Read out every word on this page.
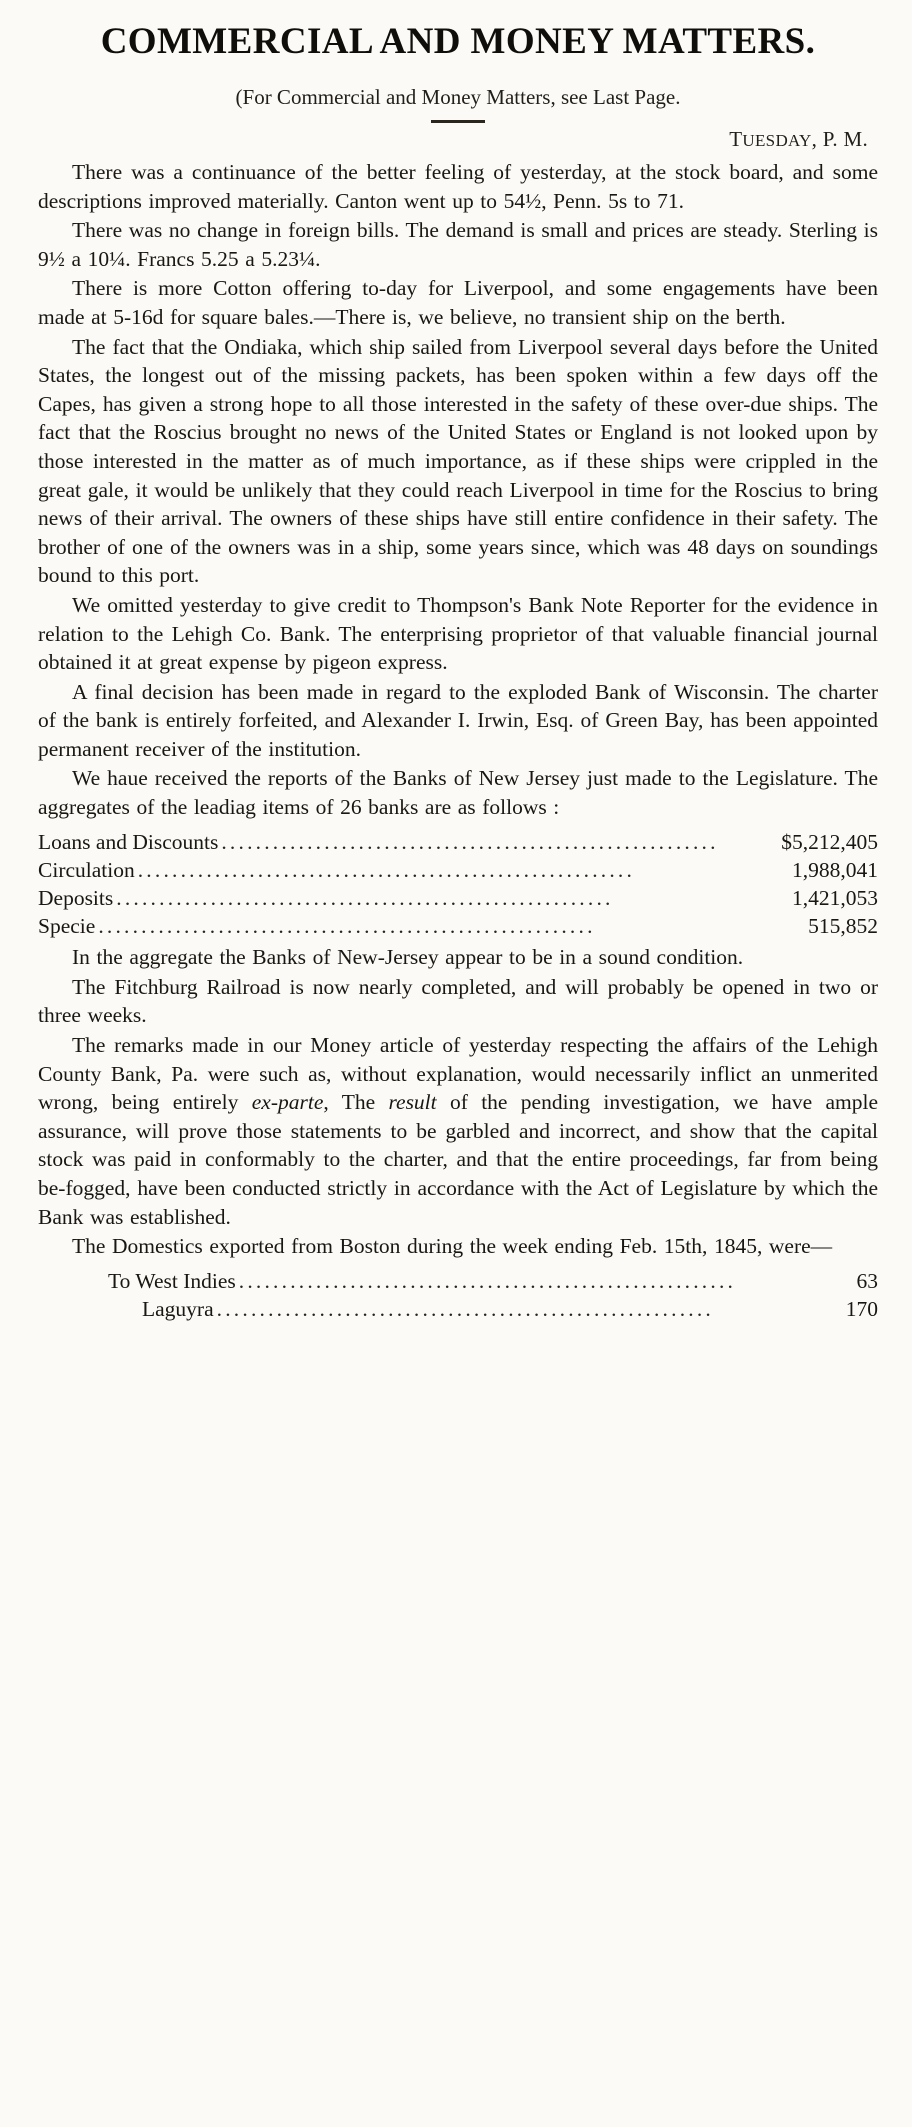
COMMERCIAL AND MONEY MATTERS.
(For Commercial and Money Matters, see Last Page.
TUESDAY, P. M.

There was a continuance of the better feeling of yesterday, at the stock board, and some descriptions improved materially. Canton went up to 54½, Penn. 5s to 71.

There was no change in foreign bills. The demand is small and prices are steady. Sterling is 9½ a 10¼. Francs 5.25 a 5.23¼.

There is more Cotton offering to-day for Liverpool, and some engagements have been made at 5-16d for square bales.—There is, we believe, no transient ship on the berth.

The fact that the Ondiaka, which ship sailed from Liverpool several days before the United States, the longest out of the missing packets, has been spoken within a few days off the Capes, has given a strong hope to all those interested in the safety of these over-due ships. The fact that the Roscius brought no news of the United States or England is not looked upon by those interested in the matter as of much importance, as if these ships were crippled in the great gale, it would be unlikely that they could reach Liverpool in time for the Roscius to bring news of their arrival. The owners of these ships have still entire confidence in their safety. The brother of one of the owners was in a ship, some years since, which was 48 days on soundings bound to this port.

We omitted yesterday to give credit to Thompson's Bank Note Reporter for the evidence in relation to the Lehigh Co. Bank. The enterprising proprietor of that valuable financial journal obtained it at great expense by pigeon express.

A final decision has been made in regard to the exploded Bank of Wisconsin. The charter of the bank is entirely forfeited, and Alexander I. Irwin, Esq. of Green Bay, has been appointed permanent receiver of the institution.

We haue received the reports of the Banks of New Jersey just made to the Legislature. The aggregates of the leadiag items of 26 banks are as follows :

Loans and Discounts ..........................................................	$5,212,405
Circulation ..........................................................	1,988,041
Deposits ..........................................................	1,421,053
Specie ..........................................................	515,852

In the aggregate the Banks of New-Jersey appear to be in a sound condition.

The Fitchburg Railroad is now nearly completed, and will probably be opened in two or three weeks.

The remarks made in our Money article of yesterday respecting the affairs of the Lehigh County Bank, Pa. were such as, without explanation, would necessarily inflict an unmerited wrong, being entirely ex-parte, The result of the pending investigation, we have ample assurance, will prove those statements to be garbled and incorrect, and show that the capital stock was paid in conformably to the charter, and that the entire proceedings, far from being be-fogged, have been conducted strictly in accordance with the Act of Legislature by which the Bank was established.

The Domestics exported from Boston during the week ending Feb. 15th, 1845, were—

To West Indies ..........................................................	63
Laguyra ..........................................................	170
